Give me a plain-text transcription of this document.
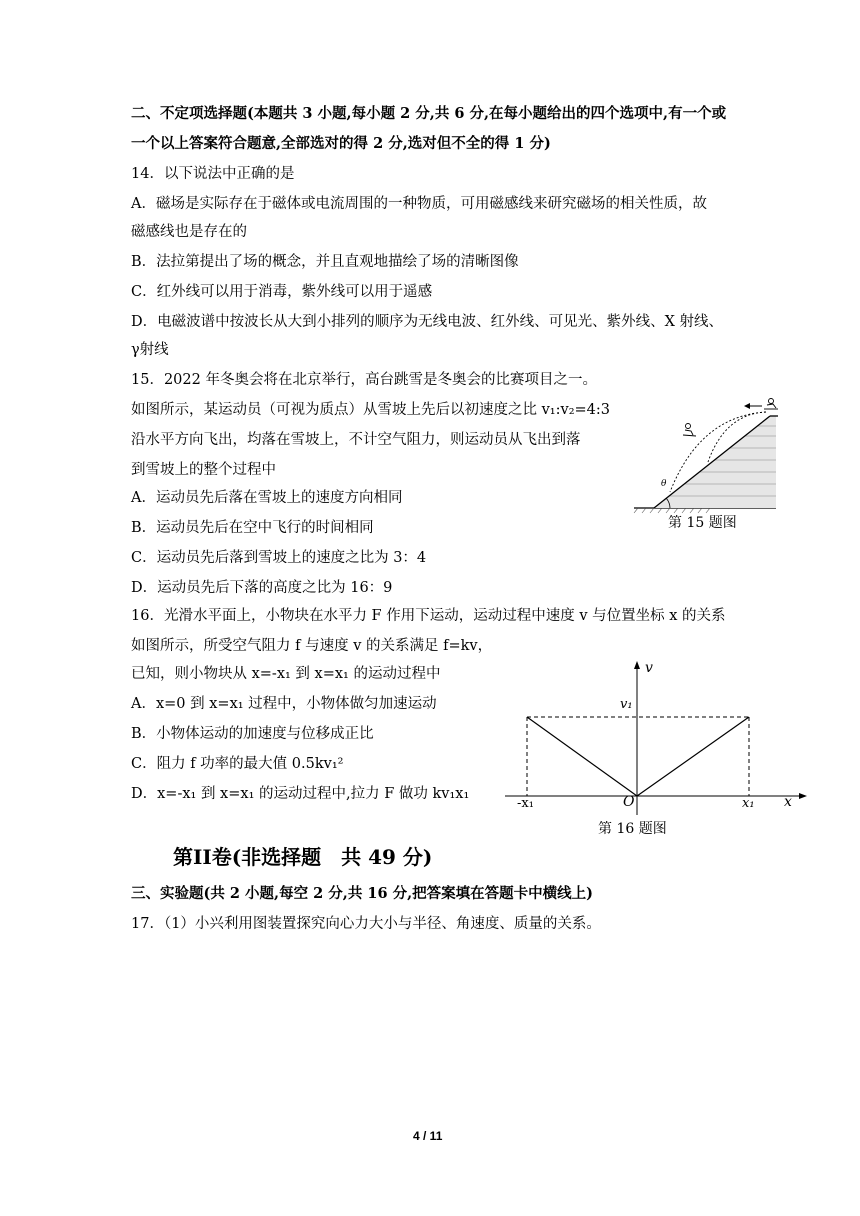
二、不定项选择题(本题共 3 小题,每小题 2 分,共 6 分,在每小题给出的四个选项中,有一个或
一个以上答案符合题意,全部选对的得 2 分,选对但不全的得 1 分)
14．以下说法中正确的是
A．磁场是实际存在于磁体或电流周围的一种物质，可用磁感线来研究磁场的相关性质，故
磁感线也是存在的
B．法拉第提出了场的概念，并且直观地描绘了场的清晰图像
C．红外线可以用于消毒，紫外线可以用于遥感
D．电磁波谱中按波长从大到小排列的顺序为无线电波、红外线、可见光、紫外线、X 射线、
γ射线
15．2022 年冬奥会将在北京举行，高台跳雪是冬奥会的比赛项目之一。
如图所示，某运动员（可视为质点）从雪坡上先后以初速度之比 v₁:v₂=4:3
沿水平方向飞出，均落在雪坡上，不计空气阻力，则运动员从飞出到落
到雪坡上的整个过程中
A．运动员先后落在雪坡上的速度方向相同
B．运动员先后在空中飞行的时间相同
C．运动员先后落到雪坡上的速度之比为 3：4
D．运动员先后下落的高度之比为 16：9
θ
第 15 题图
16．光滑水平面上，小物块在水平力 F 作用下运动，运动过程中速度 v 与位置坐标 x 的关系
如图所示，所受空气阻力 f 与速度 v 的关系满足 f=kv，
已知，则小物块从 x=-x₁ 到 x=x₁ 的运动过程中
A．x=0 到 x=x₁ 过程中，小物体做匀加速运动
B．小物体运动的加速度与位移成正比
C．阻力 f 功率的最大值 0.5kv₁²
D．x=-x₁ 到 x=x₁ 的运动过程中,拉力 F 做功 kv₁x₁
v
v₁
-x₁	O	x₁ x
第 16 题图
第II卷(非选择题　共 49 分)
三、实验题(共 2 小题,每空 2 分,共 16 分,把答案填在答题卡中横线上)
17．（1）小兴利用图装置探究向心力大小与半径、角速度、质量的关系。
4 / 11
